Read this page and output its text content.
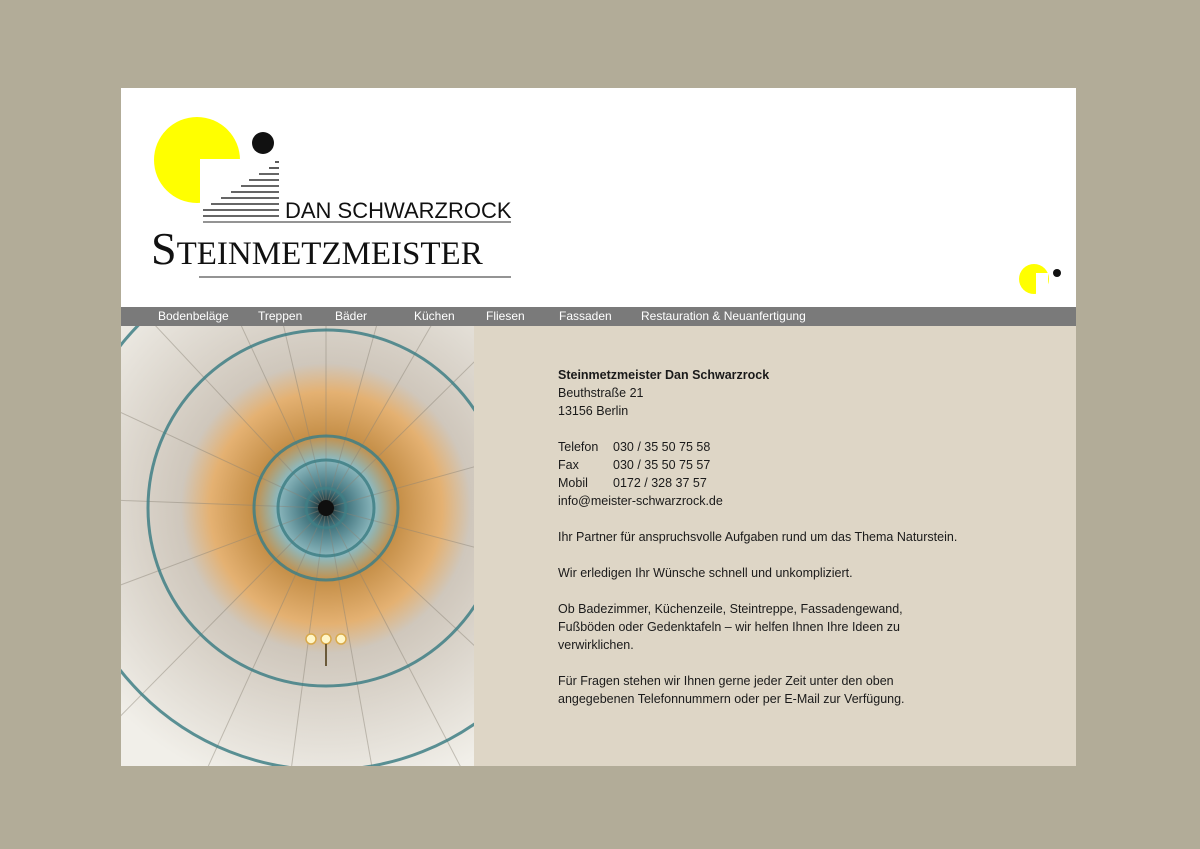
DAN SCHWARZROCK
STEINMETZMEISTER
Bodenbeläge Treppen	Bäder	Küchen	Fliesen	Fassaden Restauration & Neuanfertigung

Steinmetzmeister Dan Schwarzrock

Beuthstraße 21

13156 Berlin

Telefon	030 / 35 50 75 58
Fax	030 / 35 50 75 57
Mobil	0172 / 328 37 57

info@meister-schwarzrock.de

Ihr Partner für anspruchsvolle Aufgaben rund um das Thema Naturstein.

Wir erledigen Ihr Wünsche schnell und unkompliziert.

Ob Badezimmer, Küchenzeile, Steintreppe, Fassadengewand,

Fußböden oder Gedenktafeln – wir helfen Ihnen Ihre Ideen zu

verwirklichen.

Für Fragen stehen wir Ihnen gerne jeder Zeit unter den oben

angegebenen Telefonnummern oder per E-Mail zur Verfügung.
